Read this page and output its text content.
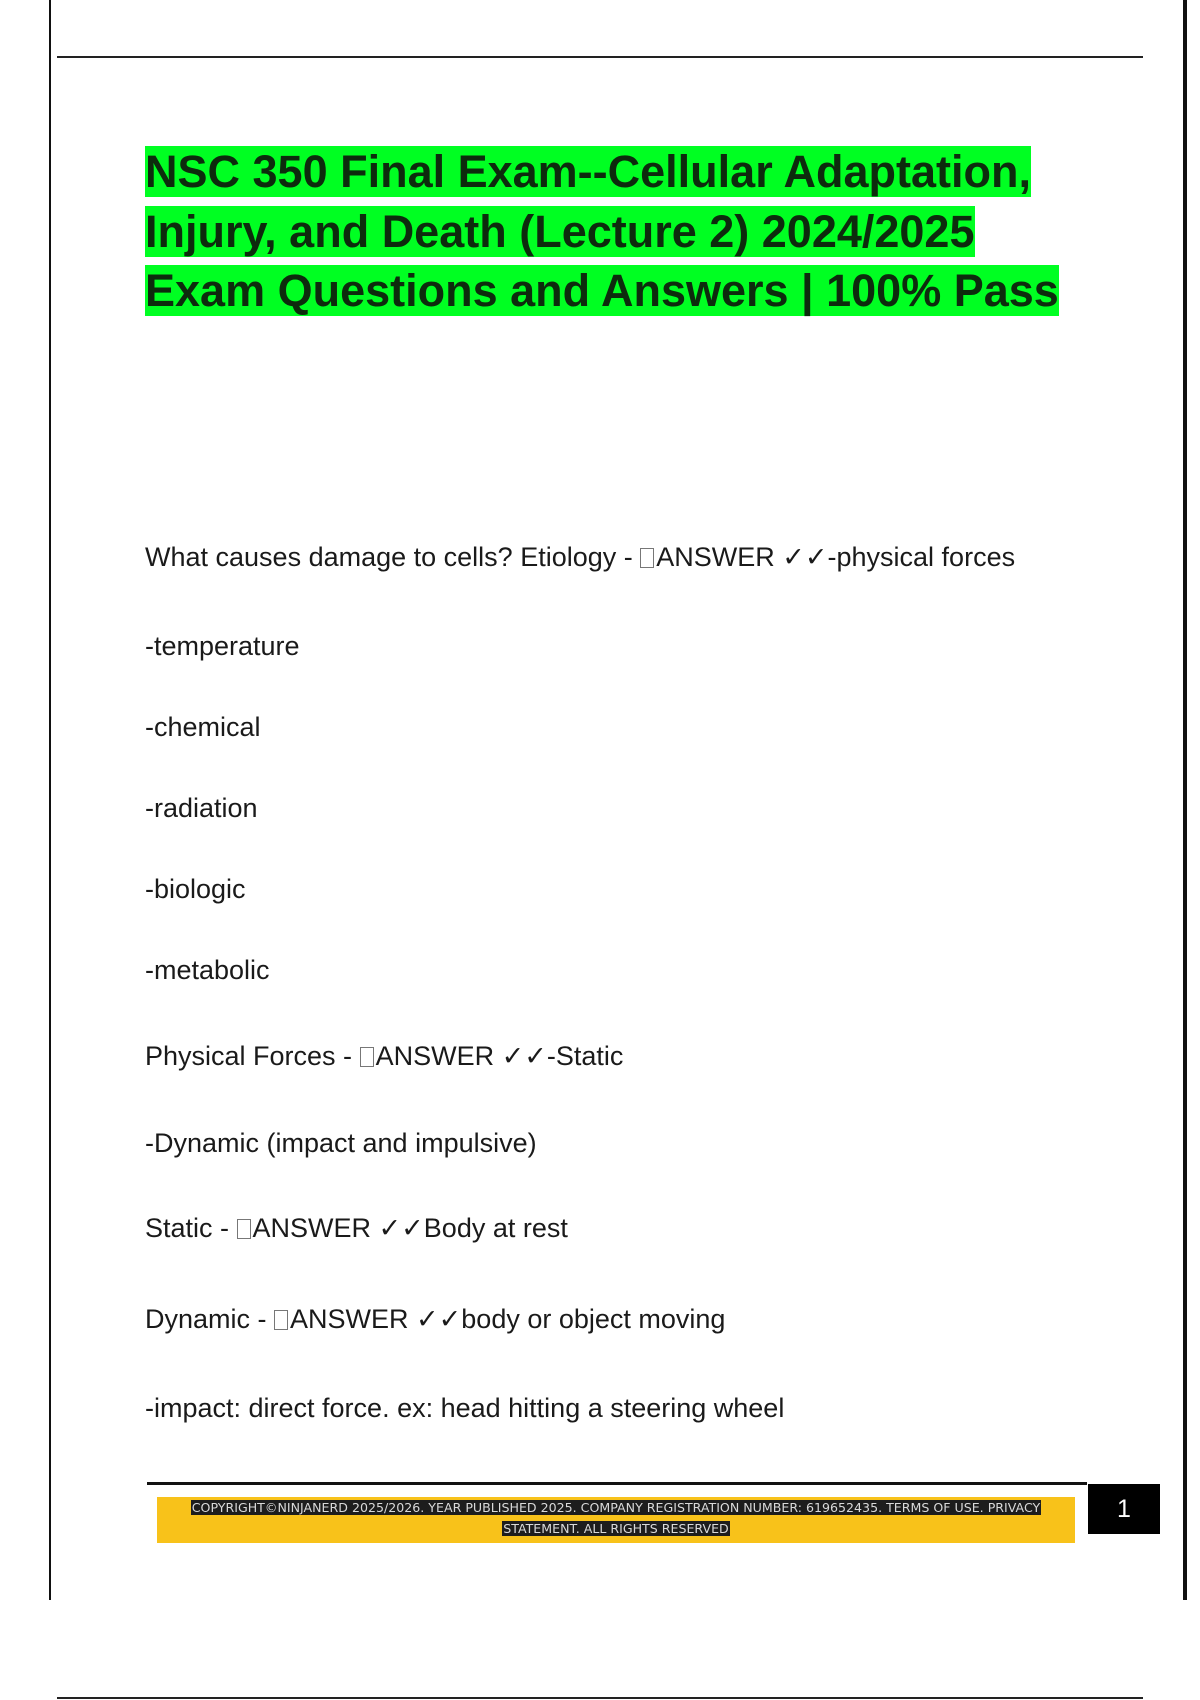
NSC 350 Final Exam--Cellular Adaptation, Injury, and Death (Lecture 2) 2024/2025 Exam Questions and Answers | 100% Pass
What causes damage to cells? Etiology - ANSWER ✓✓-physical forces
-temperature
-chemical
-radiation
-biologic
-metabolic
Physical Forces - ANSWER ✓✓-Static
-Dynamic (impact and impulsive)
Static - ANSWER ✓✓Body at rest
Dynamic - ANSWER ✓✓body or object moving
-impact: direct force. ex: head hitting a steering wheel
COPYRIGHT©NINJANERD 2025/2026. YEAR PUBLISHED 2025. COMPANY REGISTRATION NUMBER: 619652435. TERMS OF USE. PRIVACY
STATEMENT. ALL RIGHTS RESERVED
1
